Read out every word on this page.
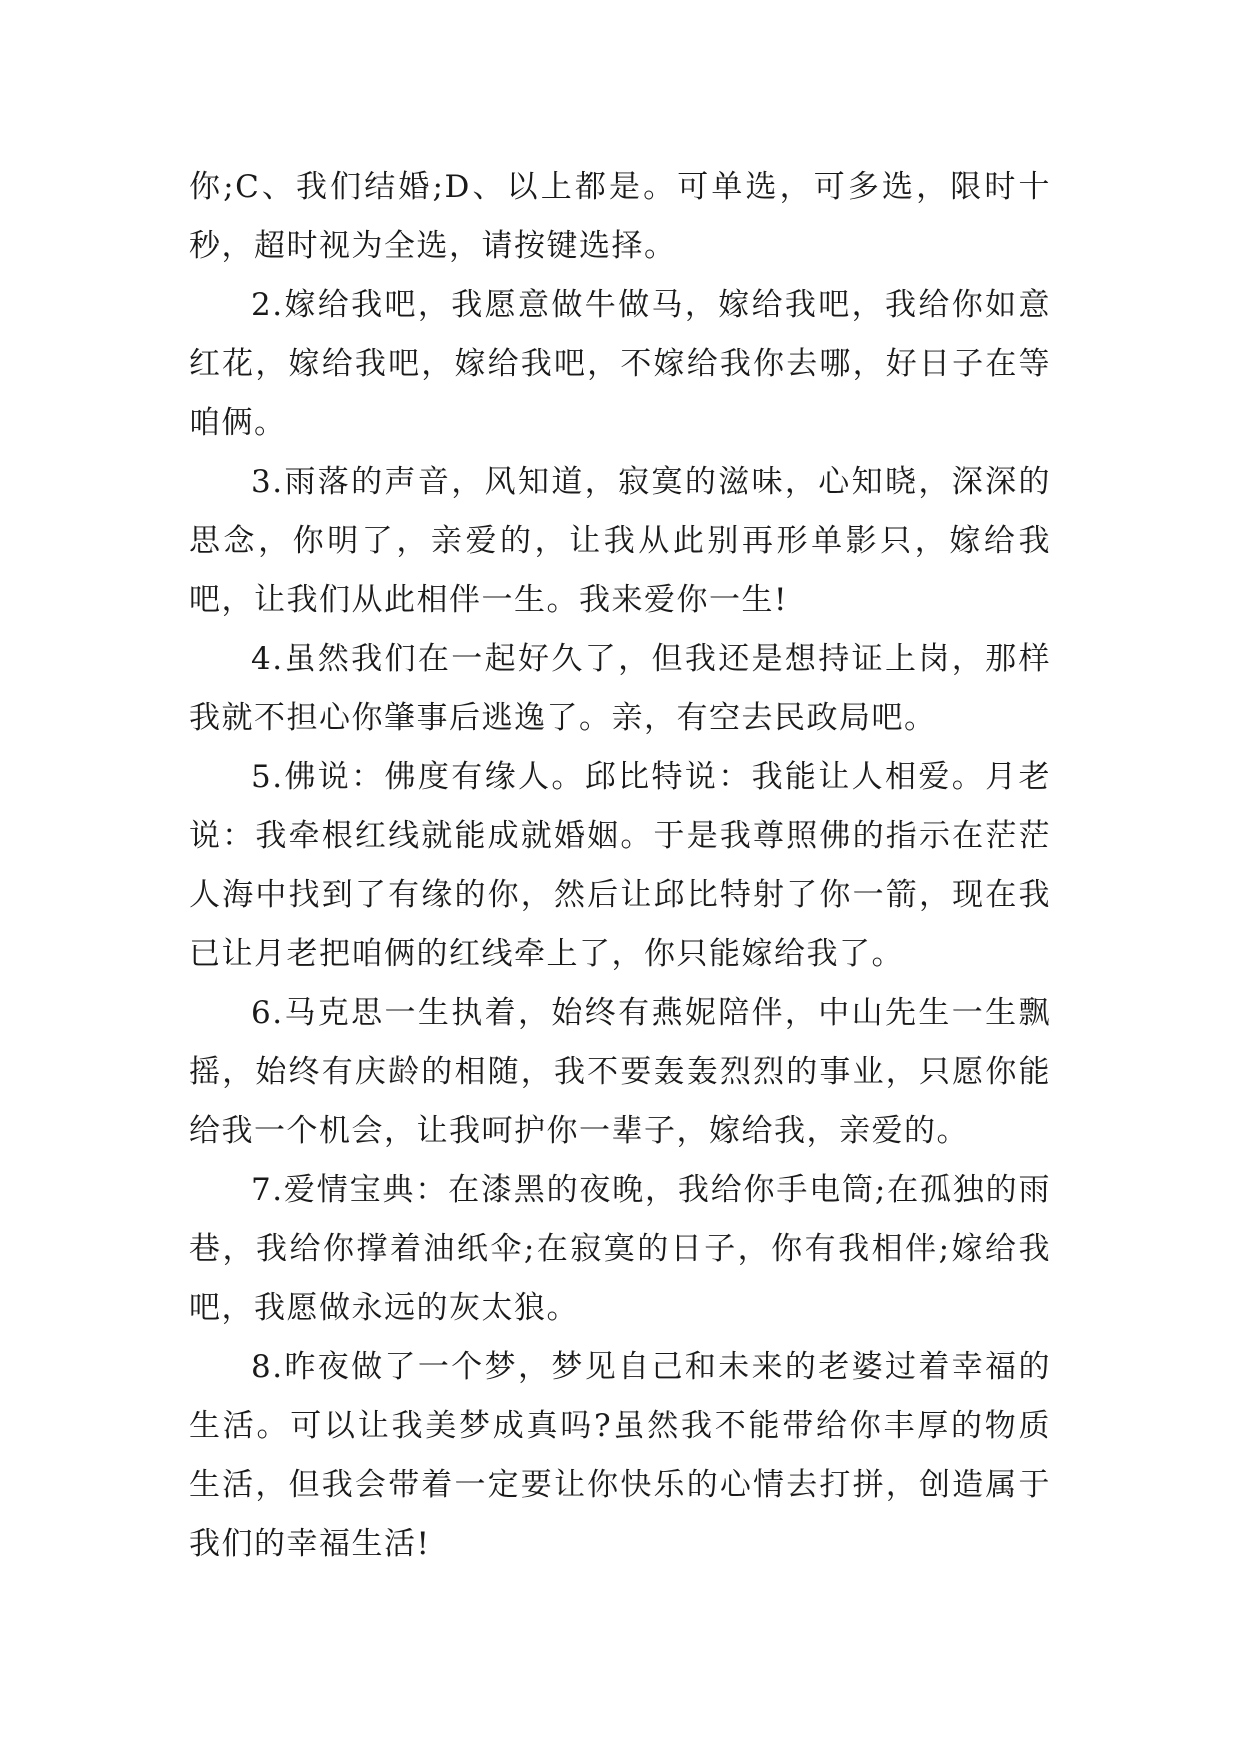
你;C、我们结婚;D、以上都是。可单选，可多选，限时十秒，超时视为全选，请按键选择。

2.嫁给我吧，我愿意做牛做马，嫁给我吧，我给你如意红花，嫁给我吧，嫁给我吧，不嫁给我你去哪，好日子在等咱俩。

3.雨落的声音，风知道，寂寞的滋味，心知晓，深深的思念，你明了，亲爱的，让我从此别再形单影只，嫁给我吧，让我们从此相伴一生。我来爱你一生!

4.虽然我们在一起好久了，但我还是想持证上岗，那样我就不担心你肇事后逃逸了。亲，有空去民政局吧。

5.佛说：佛度有缘人。邱比特说：我能让人相爱。月老说：我牵根红线就能成就婚姻。于是我尊照佛的指示在茫茫人海中找到了有缘的你，然后让邱比特射了你一箭，现在我已让月老把咱俩的红线牵上了，你只能嫁给我了。

6.马克思一生执着，始终有燕妮陪伴，中山先生一生飘摇，始终有庆龄的相随，我不要轰轰烈烈的事业，只愿你能给我一个机会，让我呵护你一辈子，嫁给我，亲爱的。

7.爱情宝典：在漆黑的夜晚，我给你手电筒;在孤独的雨巷，我给你撑着油纸伞;在寂寞的日子，你有我相伴;嫁给我吧，我愿做永远的灰太狼。

8.昨夜做了一个梦，梦见自己和未来的老婆过着幸福的生活。可以让我美梦成真吗?虽然我不能带给你丰厚的物质生活，但我会带着一定要让你快乐的心情去打拼，创造属于我们的幸福生活!
